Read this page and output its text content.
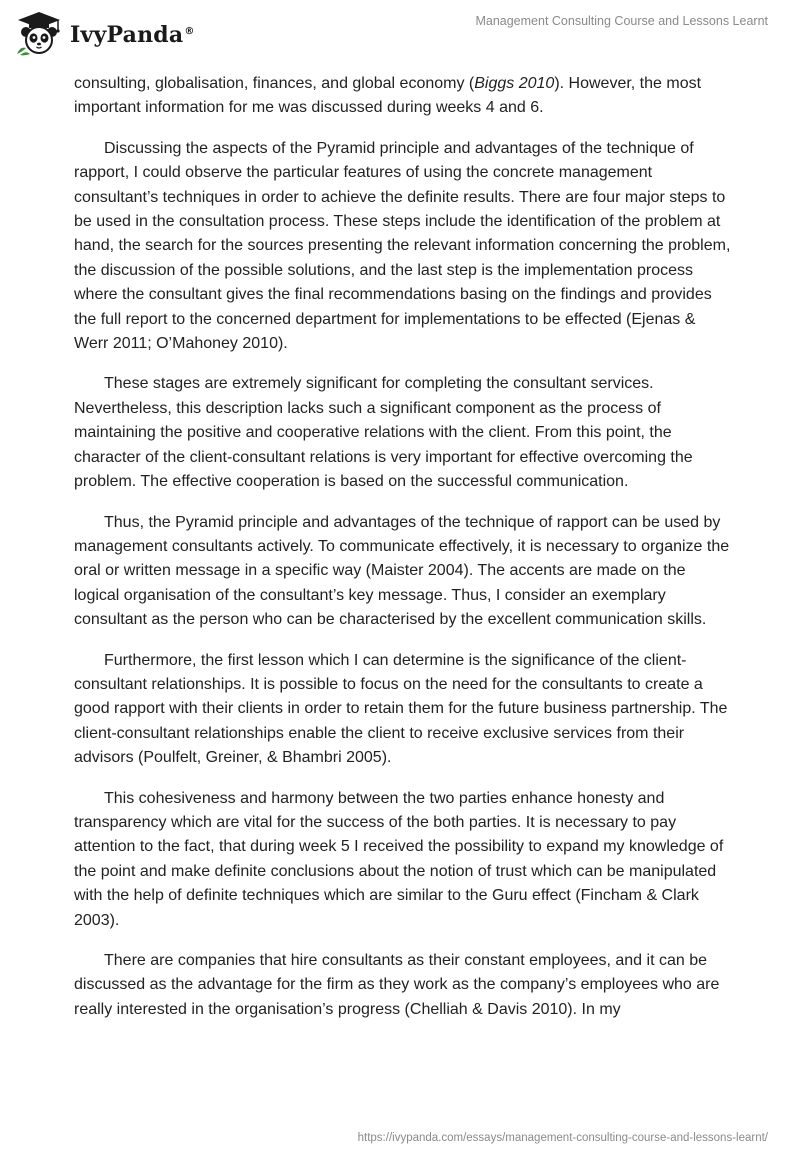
IvyPanda®
Management Consulting Course and Lessons Learnt

consulting, globalisation, finances, and global economy (Biggs 2010). However, the most important information for me was discussed during weeks 4 and 6.

Discussing the aspects of the Pyramid principle and advantages of the technique of rapport, I could observe the particular features of using the concrete management consultant’s techniques in order to achieve the definite results. There are four major steps to be used in the consultation process. These steps include the identification of the problem at hand, the search for the sources presenting the relevant information concerning the problem, the discussion of the possible solutions, and the last step is the implementation process where the consultant gives the final recommendations basing on the findings and provides the full report to the concerned department for implementations to be effected (Ejenas & Werr 2011; O’Mahoney 2010).

These stages are extremely significant for completing the consultant services. Nevertheless, this description lacks such a significant component as the process of maintaining the positive and cooperative relations with the client. From this point, the character of the client-consultant relations is very important for effective overcoming the problem. The effective cooperation is based on the successful communication.

Thus, the Pyramid principle and advantages of the technique of rapport can be used by management consultants actively. To communicate effectively, it is necessary to organize the oral or written message in a specific way (Maister 2004). The accents are made on the logical organisation of the consultant’s key message. Thus, I consider an exemplary consultant as the person who can be characterised by the excellent communication skills.

Furthermore, the first lesson which I can determine is the significance of the client-consultant relationships. It is possible to focus on the need for the consultants to create a good rapport with their clients in order to retain them for the future business partnership. The client-consultant relationships enable the client to receive exclusive services from their advisors (Poulfelt, Greiner, & Bhambri 2005).

This cohesiveness and harmony between the two parties enhance honesty and transparency which are vital for the success of the both parties. It is necessary to pay attention to the fact, that during week 5 I received the possibility to expand my knowledge of the point and make definite conclusions about the notion of trust which can be manipulated with the help of definite techniques which are similar to the Guru effect (Fincham & Clark 2003).

There are companies that hire consultants as their constant employees, and it can be discussed as the advantage for the firm as they work as the company’s employees who are really interested in the organisation’s progress (Chelliah & Davis 2010). In my

https://ivypanda.com/essays/management-consulting-course-and-lessons-learnt/
